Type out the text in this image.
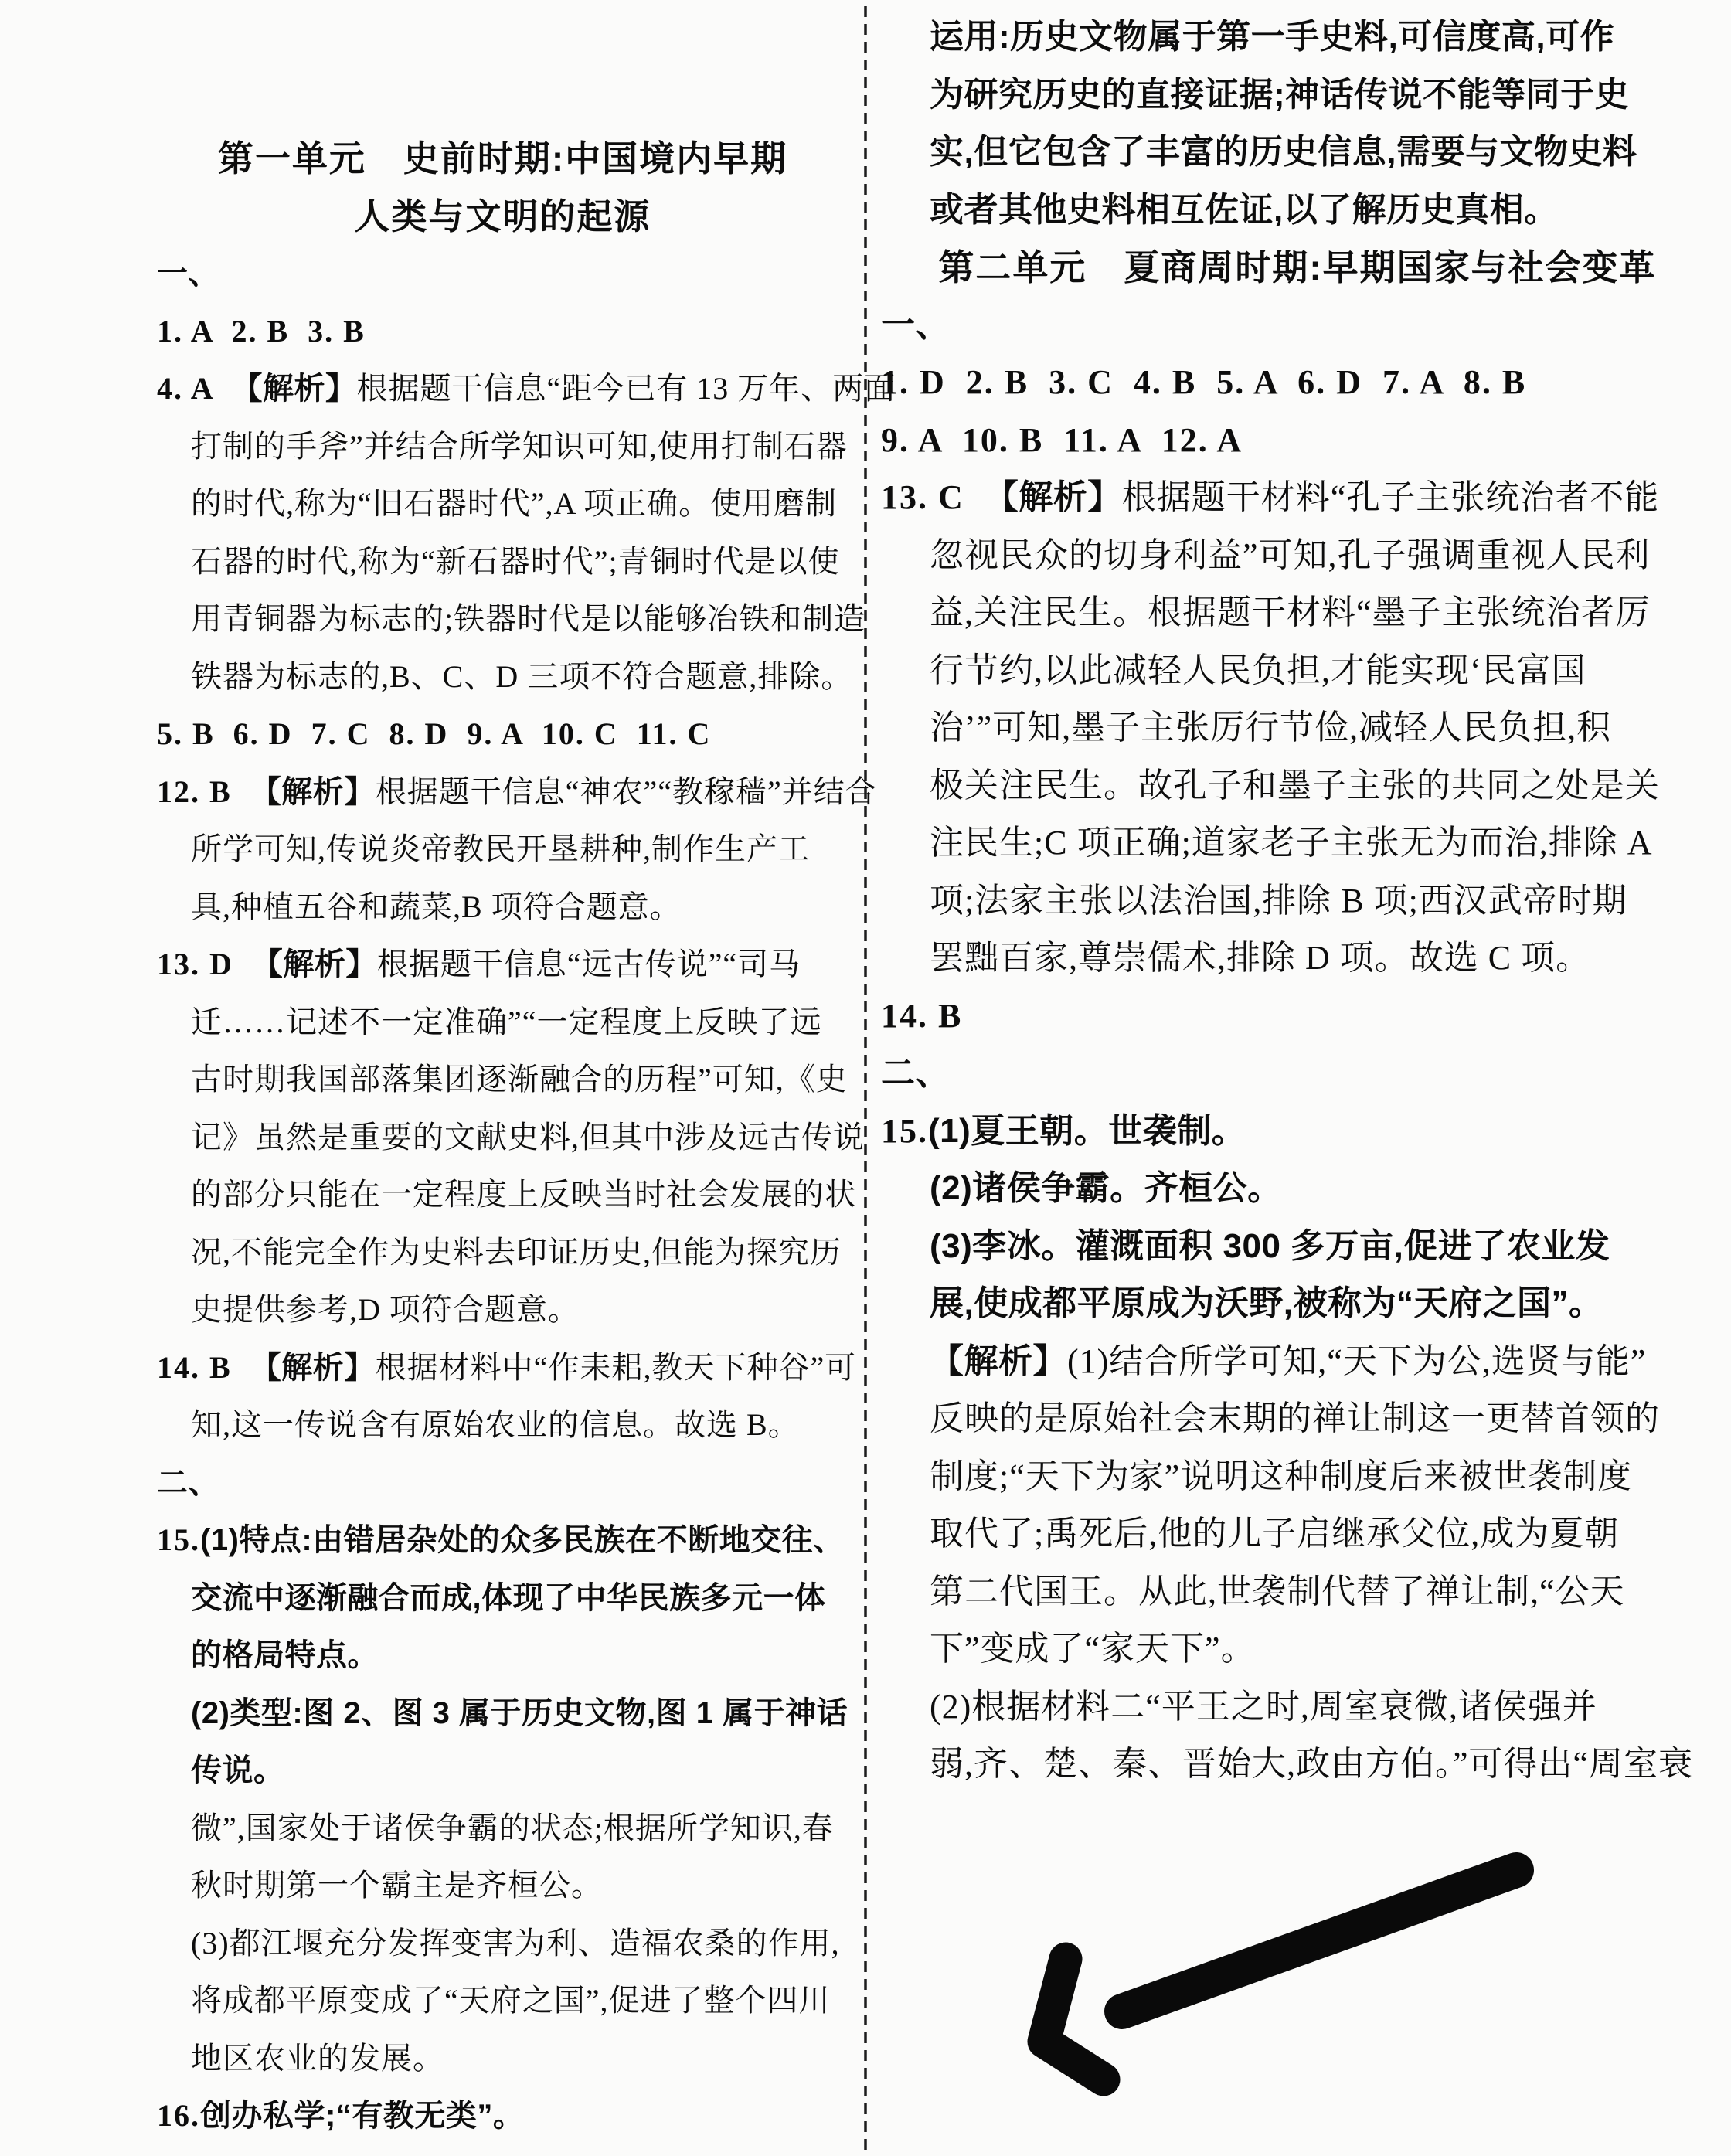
第一单元　史前时期:中国境内早期
人类与文明的起源
一、
1. A  2. B  3. B
4. A  【解析】根据题干信息“距今已有 13 万年、两面
打制的手斧”并结合所学知识可知,使用打制石器
的时代,称为“旧石器时代”,A 项正确。使用磨制
石器的时代,称为“新石器时代”;青铜时代是以使
用青铜器为标志的;铁器时代是以能够冶铁和制造
铁器为标志的,B、C、D 三项不符合题意,排除。
5. B  6. D  7. C  8. D  9. A  10. C  11. C
12. B  【解析】根据题干信息“神农”“教稼穑”并结合
所学可知,传说炎帝教民开垦耕种,制作生产工
具,种植五谷和蔬菜,B 项符合题意。
13. D  【解析】根据题干信息“远古传说”“司马
迁……记述不一定准确”“一定程度上反映了远
古时期我国部落集团逐渐融合的历程”可知,《史
记》虽然是重要的文献史料,但其中涉及远古传说
的部分只能在一定程度上反映当时社会发展的状
况,不能完全作为史料去印证历史,但能为探究历
史提供参考,D 项符合题意。
14. B  【解析】根据材料中“作耒耜,教天下种谷”可
知,这一传说含有原始农业的信息。故选 B。
二、
15.(1)特点:由错居杂处的众多民族在不断地交往、
交流中逐渐融合而成,体现了中华民族多元一体
的格局特点。
(2)类型:图 2、图 3 属于历史文物,图 1 属于神话
传说。
微”,国家处于诸侯争霸的状态;根据所学知识,春
秋时期第一个霸主是齐桓公。
(3)都江堰充分发挥变害为利、造福农桑的作用,
将成都平原变成了“天府之国”,促进了整个四川
地区农业的发展。
16.创办私学;“有教无类”。
运用:历史文物属于第一手史料,可信度高,可作
为研究历史的直接证据;神话传说不能等同于史
实,但它包含了丰富的历史信息,需要与文物史料
或者其他史料相互佐证,以了解历史真相。
第二单元　夏商周时期:早期国家与社会变革
一、
1. D  2. B  3. C  4. B  5. A  6. D  7. A  8. B
9. A  10. B  11. A  12. A
13. C  【解析】根据题干材料“孔子主张统治者不能
忽视民众的切身利益”可知,孔子强调重视人民利
益,关注民生。根据题干材料“墨子主张统治者厉
行节约,以此减轻人民负担,才能实现‘民富国
治’”可知,墨子主张厉行节俭,减轻人民负担,积
极关注民生。故孔子和墨子主张的共同之处是关
注民生;C 项正确;道家老子主张无为而治,排除 A
项;法家主张以法治国,排除 B 项;西汉武帝时期
罢黜百家,尊崇儒术,排除 D 项。故选 C 项。
14. B
二、
15.(1)夏王朝。世袭制。
(2)诸侯争霸。齐桓公。
(3)李冰。灌溉面积 300 多万亩,促进了农业发
展,使成都平原成为沃野,被称为“天府之国”。
【解析】(1)结合所学可知,“天下为公,选贤与能”
反映的是原始社会末期的禅让制这一更替首领的
制度;“天下为家”说明这种制度后来被世袭制度
取代了;禹死后,他的儿子启继承父位,成为夏朝
第二代国王。从此,世袭制代替了禅让制,“公天
下”变成了“家天下”。
(2)根据材料二“平王之时,周室衰微,诸侯强并
弱,齐、楚、秦、晋始大,政由方伯。”可得出“周室衰
